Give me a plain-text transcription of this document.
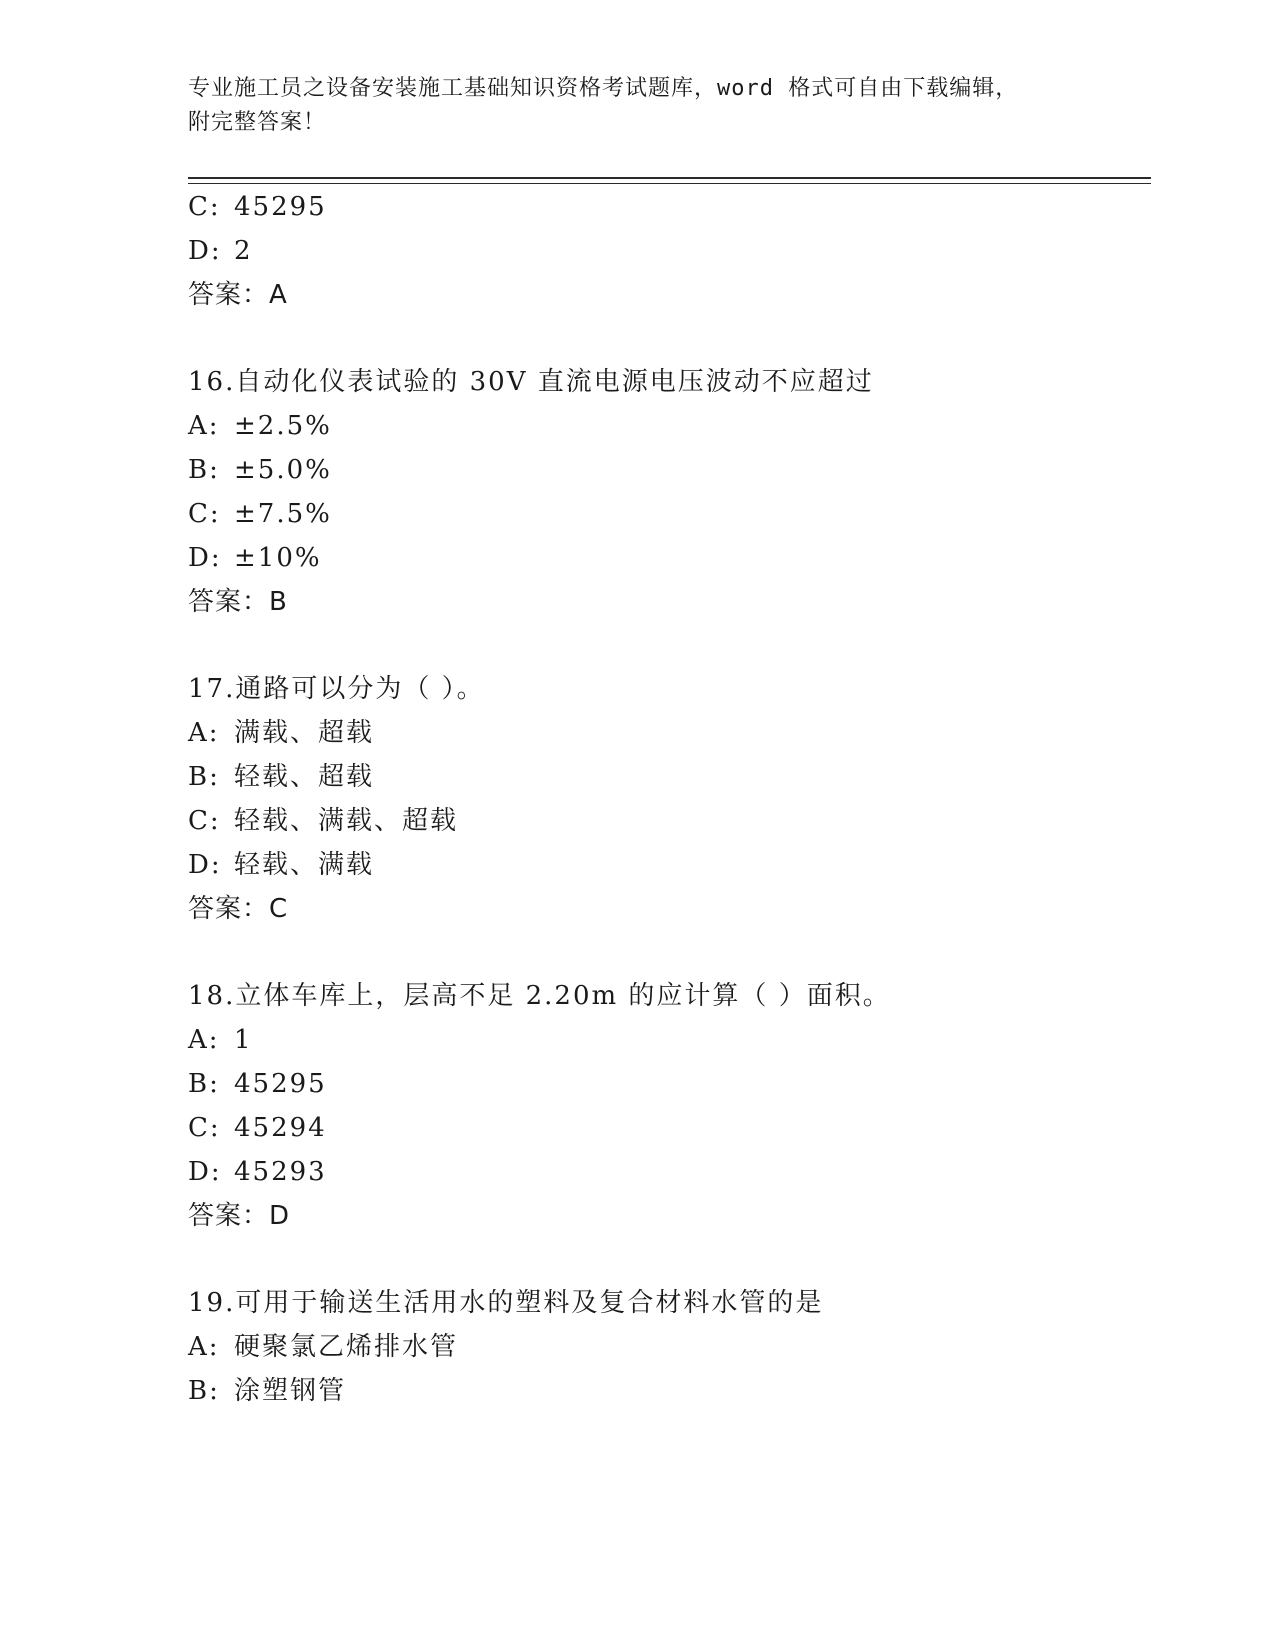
专业施工员之设备安装施工基础知识资格考试题库，word 格式可自由下载编辑，
附完整答案！
C: 45295
D: 2
答案：A
16.自动化仪表试验的 30V 直流电源电压波动不应超过
A: ±2.5%
B: ±5.0%
C: ±7.5%
D: ±10%
答案：B
17.通路可以分为（ ）。
A: 满载、超载
B: 轻载、超载
C: 轻载、满载、超载
D: 轻载、满载
答案：C
18.立体车库上，层高不足 2.20m 的应计算（ ）面积。
A: 1
B: 45295
C: 45294
D: 45293
答案：D
19.可用于输送生活用水的塑料及复合材料水管的是
A: 硬聚氯乙烯排水管
B: 涂塑钢管
